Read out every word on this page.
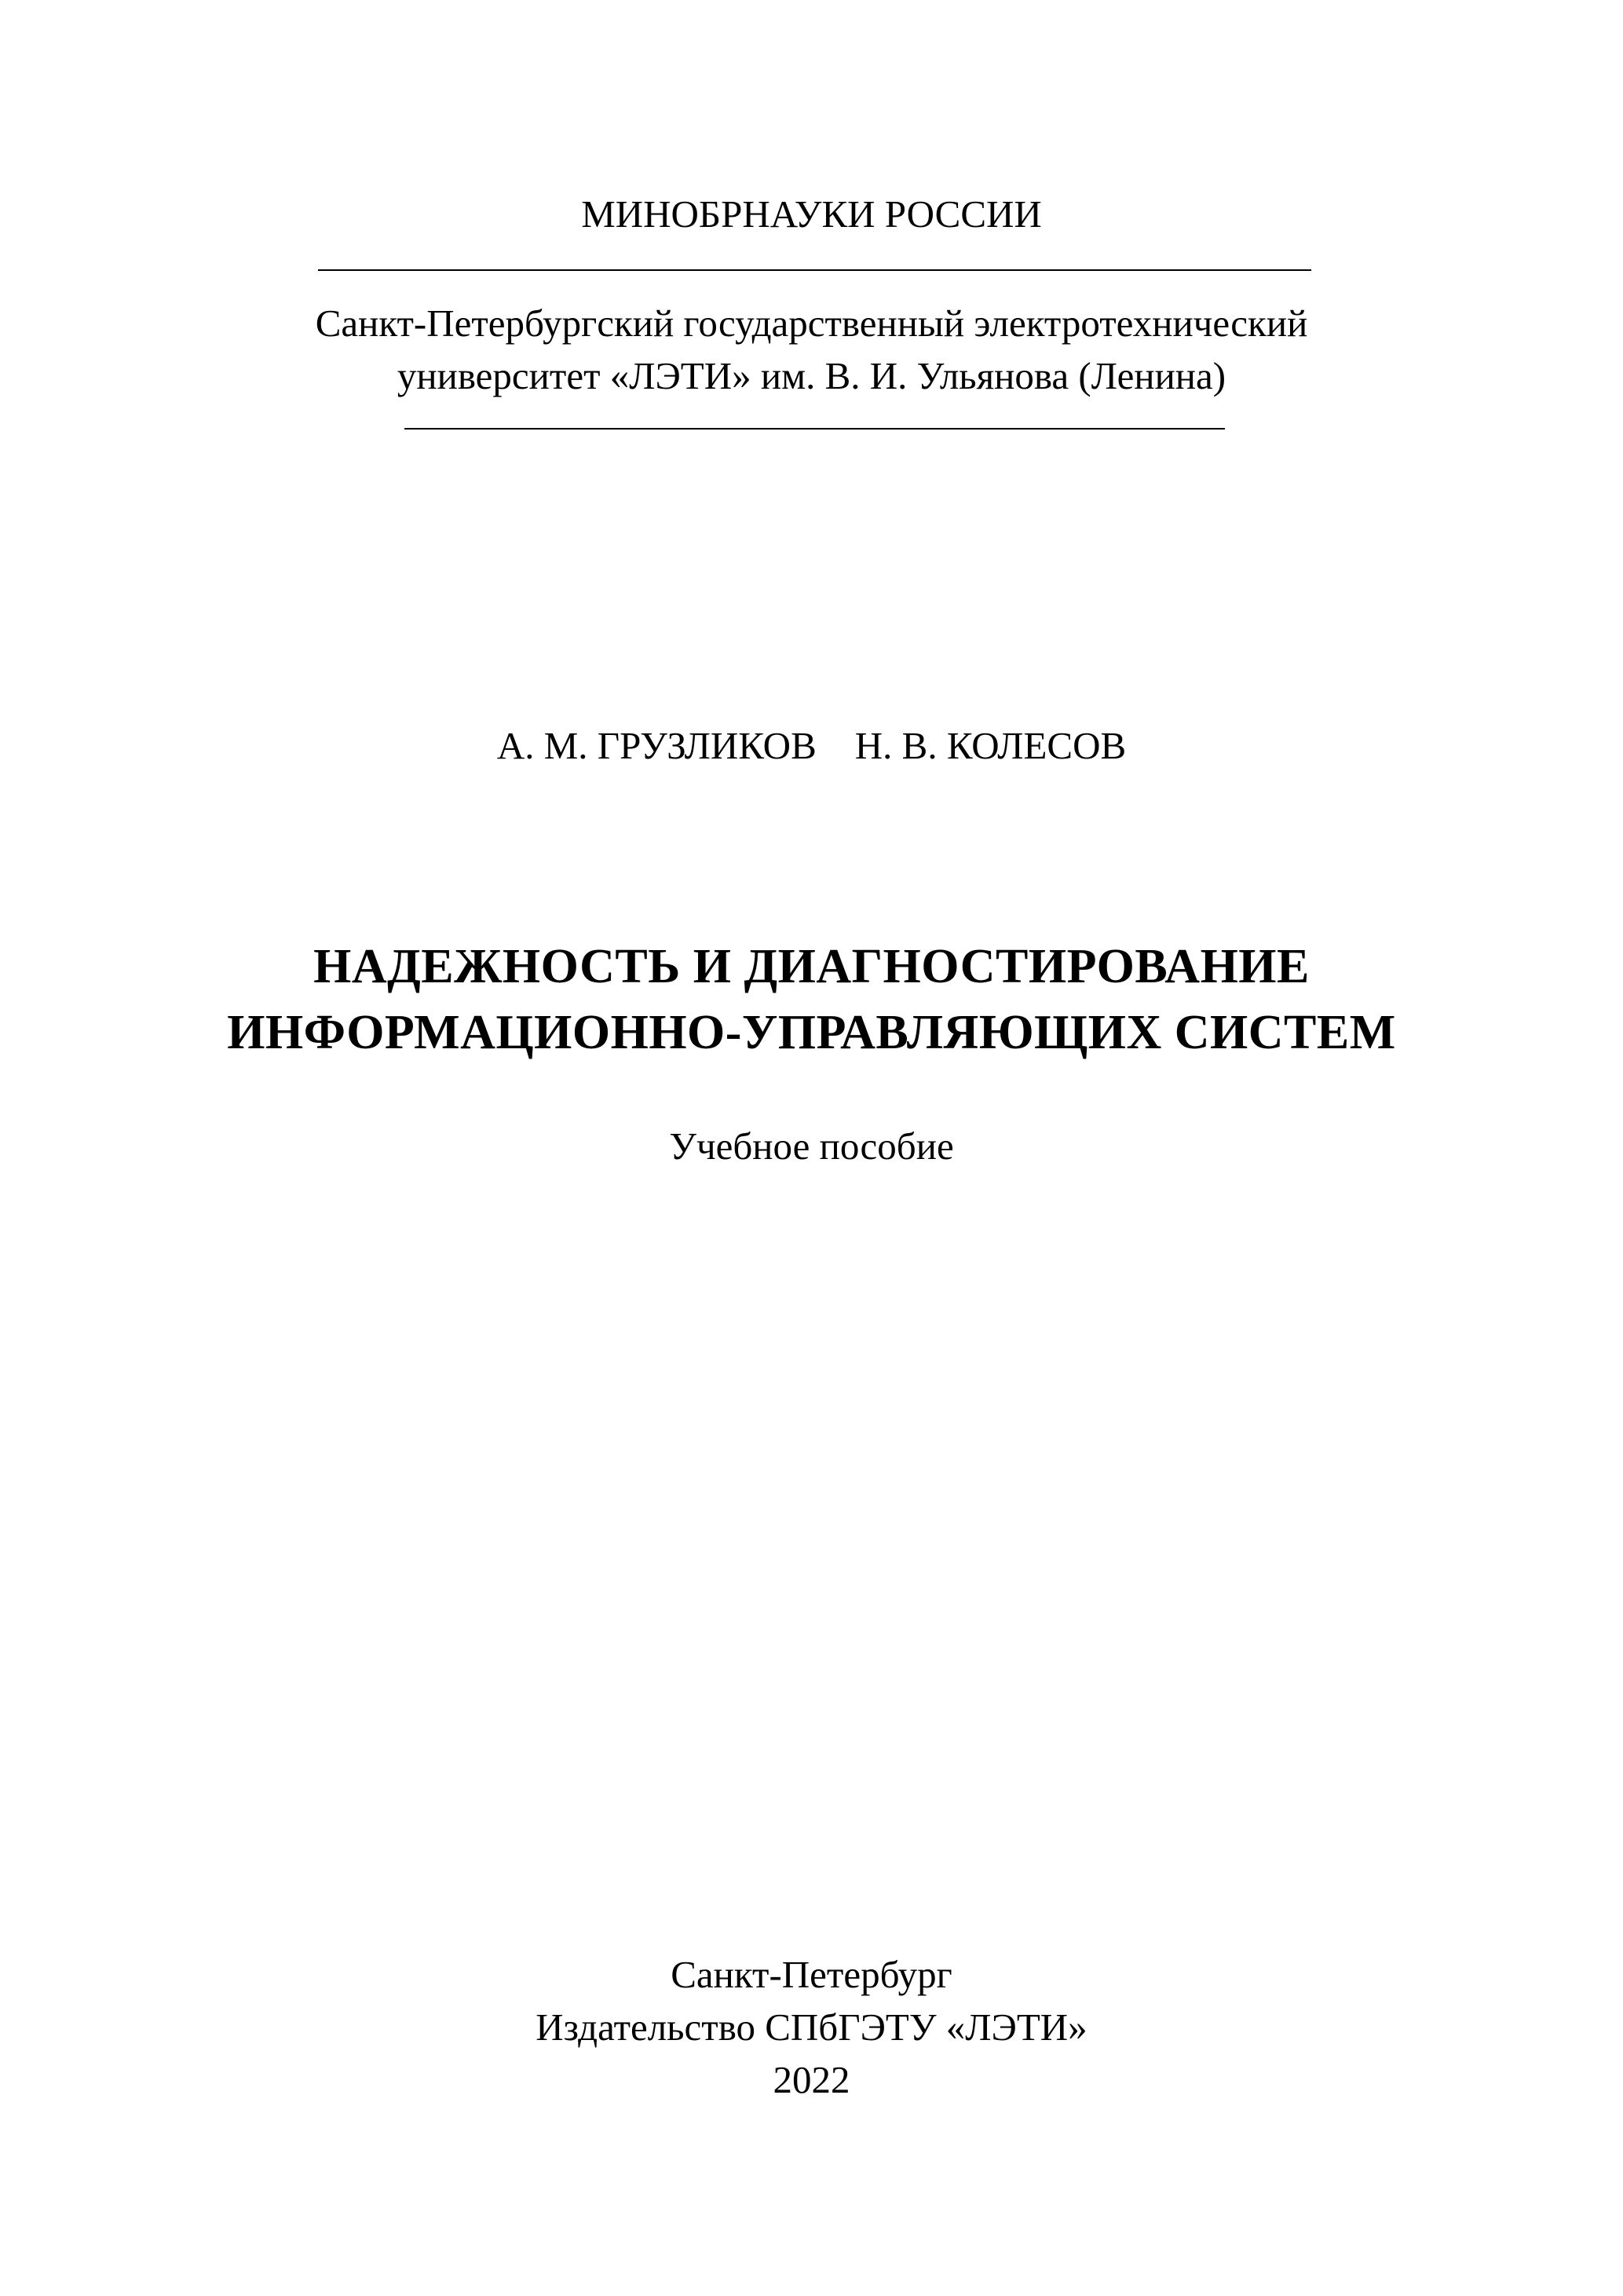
МИНОБРНАУКИ РОССИИ
Санкт-Петербургский государственный электротехнический
университет «ЛЭТИ» им. В. И. Ульянова (Ленина)
А. М. ГРУЗЛИКОВ    Н. В. КОЛЕСОВ
НАДЕЖНОСТЬ И ДИАГНОСТИРОВАНИЕ
ИНФОРМАЦИОННО-УПРАВЛЯЮЩИХ СИСТЕМ
Учебное пособие
Санкт-Петербург
Издательство СПбГЭТУ «ЛЭТИ»
2022
